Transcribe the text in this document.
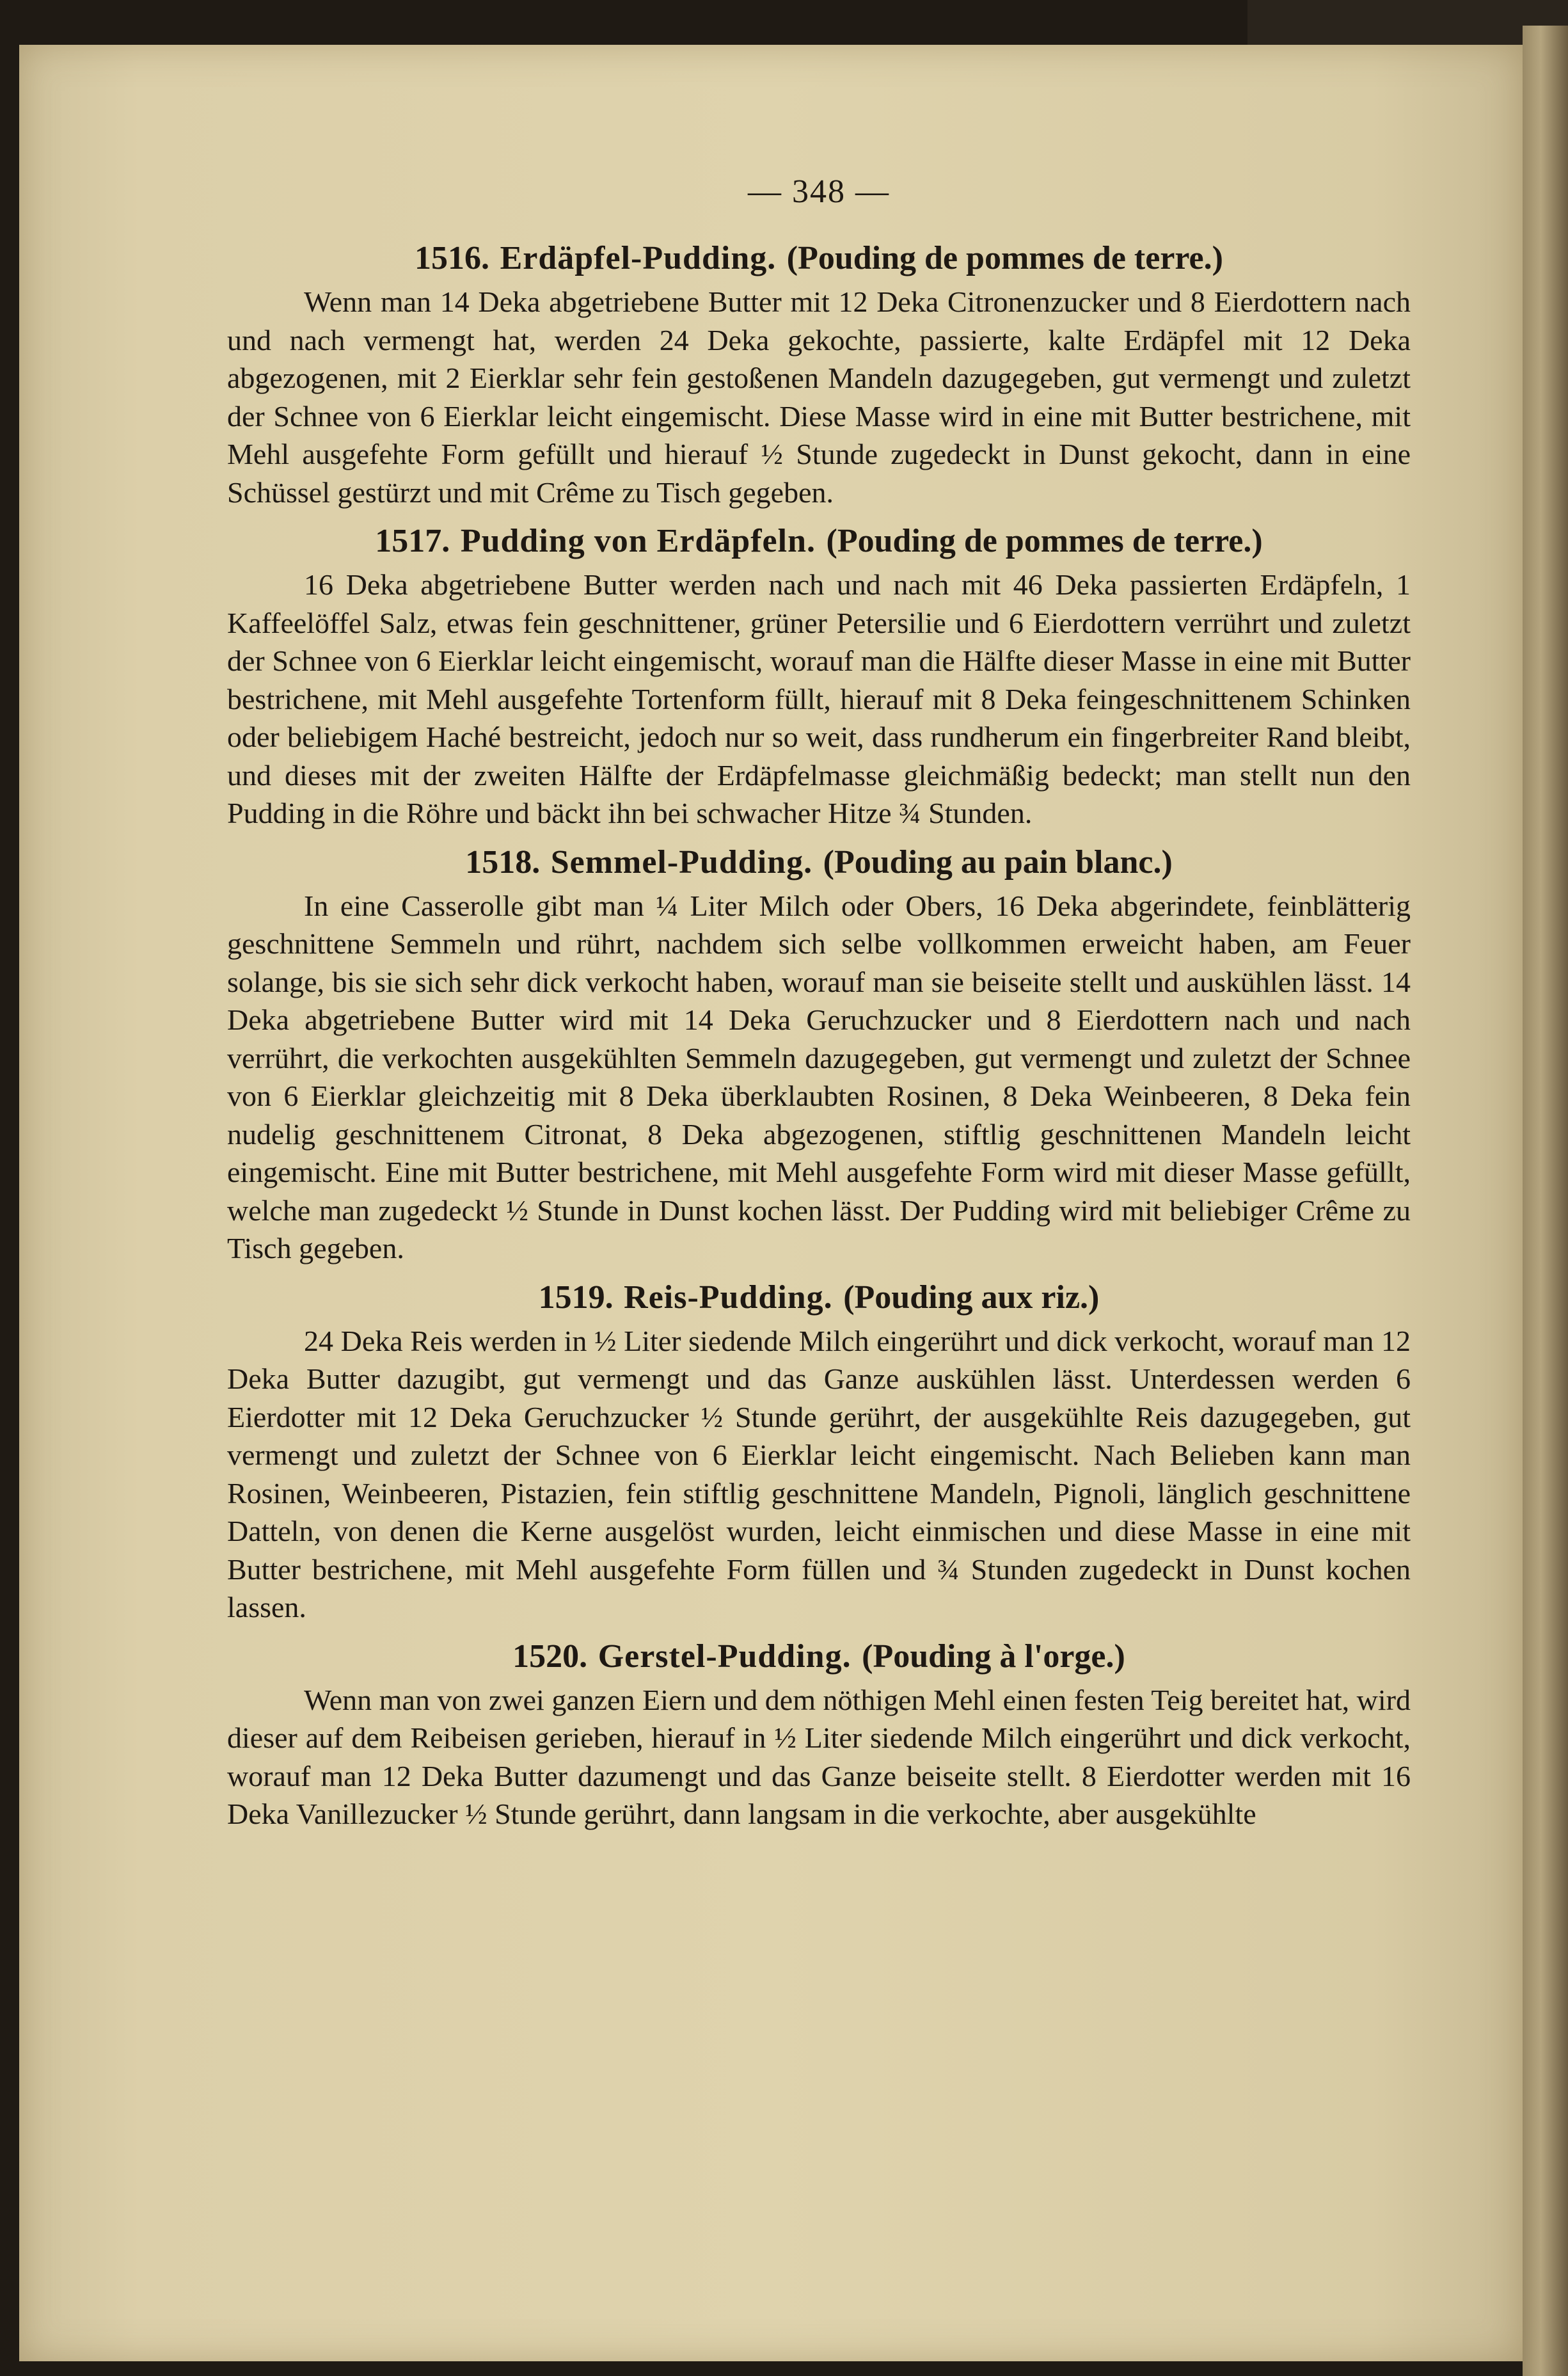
— 348 —
1516. Erdäpfel-Pudding. (Pouding de pommes de terre.)

Wenn man 14 Deka abgetriebene Butter mit 12 Deka Citronenzucker und 8 Eierdottern nach und nach vermengt hat, werden 24 Deka gekochte, passierte, kalte Erdäpfel mit 12 Deka abgezogenen, mit 2 Eierklar sehr fein gestoßenen Mandeln dazugegeben, gut vermengt und zuletzt der Schnee von 6 Eierklar leicht eingemischt. Diese Masse wird in eine mit Butter bestrichene, mit Mehl ausgefehte Form gefüllt und hierauf ½ Stunde zugedeckt in Dunst gekocht, dann in eine Schüssel gestürzt und mit Crême zu Tisch gegeben.

1517. Pudding von Erdäpfeln. (Pouding de pommes de terre.)

16 Deka abgetriebene Butter werden nach und nach mit 46 Deka passierten Erdäpfeln, 1 Kaffeelöffel Salz, etwas fein geschnittener, grüner Petersilie und 6 Eierdottern verrührt und zuletzt der Schnee von 6 Eierklar leicht eingemischt, worauf man die Hälfte dieser Masse in eine mit Butter bestrichene, mit Mehl ausgefehte Tortenform füllt, hierauf mit 8 Deka feingeschnittenem Schinken oder beliebigem Haché bestreicht, jedoch nur so weit, dass rundherum ein fingerbreiter Rand bleibt, und dieses mit der zweiten Hälfte der Erdäpfelmasse gleichmäßig bedeckt; man stellt nun den Pudding in die Röhre und bäckt ihn bei schwacher Hitze ¾ Stunden.

1518. Semmel-Pudding. (Pouding au pain blanc.)

In eine Casserolle gibt man ¼ Liter Milch oder Obers, 16 Deka abgerindete, feinblätterig geschnittene Semmeln und rührt, nachdem sich selbe vollkommen erweicht haben, am Feuer solange, bis sie sich sehr dick verkocht haben, worauf man sie beiseite stellt und auskühlen lässt. 14 Deka abgetriebene Butter wird mit 14 Deka Geruchzucker und 8 Eierdottern nach und nach verrührt, die verkochten ausgekühlten Semmeln dazugegeben, gut vermengt und zuletzt der Schnee von 6 Eierklar gleichzeitig mit 8 Deka überklaubten Rosinen, 8 Deka Weinbeeren, 8 Deka fein nudelig geschnittenem Citronat, 8 Deka abgezogenen, stiftlig geschnittenen Mandeln leicht eingemischt. Eine mit Butter bestrichene, mit Mehl ausgefehte Form wird mit dieser Masse gefüllt, welche man zugedeckt ½ Stunde in Dunst kochen lässt. Der Pudding wird mit beliebiger Crême zu Tisch gegeben.

1519. Reis-Pudding. (Pouding aux riz.)

24 Deka Reis werden in ½ Liter siedende Milch eingerührt und dick verkocht, worauf man 12 Deka Butter dazugibt, gut vermengt und das Ganze auskühlen lässt. Unterdessen werden 6 Eierdotter mit 12 Deka Geruchzucker ½ Stunde gerührt, der ausgekühlte Reis dazugegeben, gut vermengt und zuletzt der Schnee von 6 Eierklar leicht eingemischt. Nach Belieben kann man Rosinen, Weinbeeren, Pistazien, fein stiftlig geschnittene Mandeln, Pignoli, länglich geschnittene Datteln, von denen die Kerne ausgelöst wurden, leicht einmischen und diese Masse in eine mit Butter bestrichene, mit Mehl ausgefehte Form füllen und ¾ Stunden zugedeckt in Dunst kochen lassen.

1520. Gerstel-Pudding. (Pouding à l'orge.)

Wenn man von zwei ganzen Eiern und dem nöthigen Mehl einen festen Teig bereitet hat, wird dieser auf dem Reibeisen gerieben, hierauf in ½ Liter siedende Milch eingerührt und dick verkocht, worauf man 12 Deka Butter dazumengt und das Ganze beiseite stellt. 8 Eierdotter werden mit 16 Deka Vanillezucker ½ Stunde gerührt, dann langsam in die verkochte, aber ausgekühlte
